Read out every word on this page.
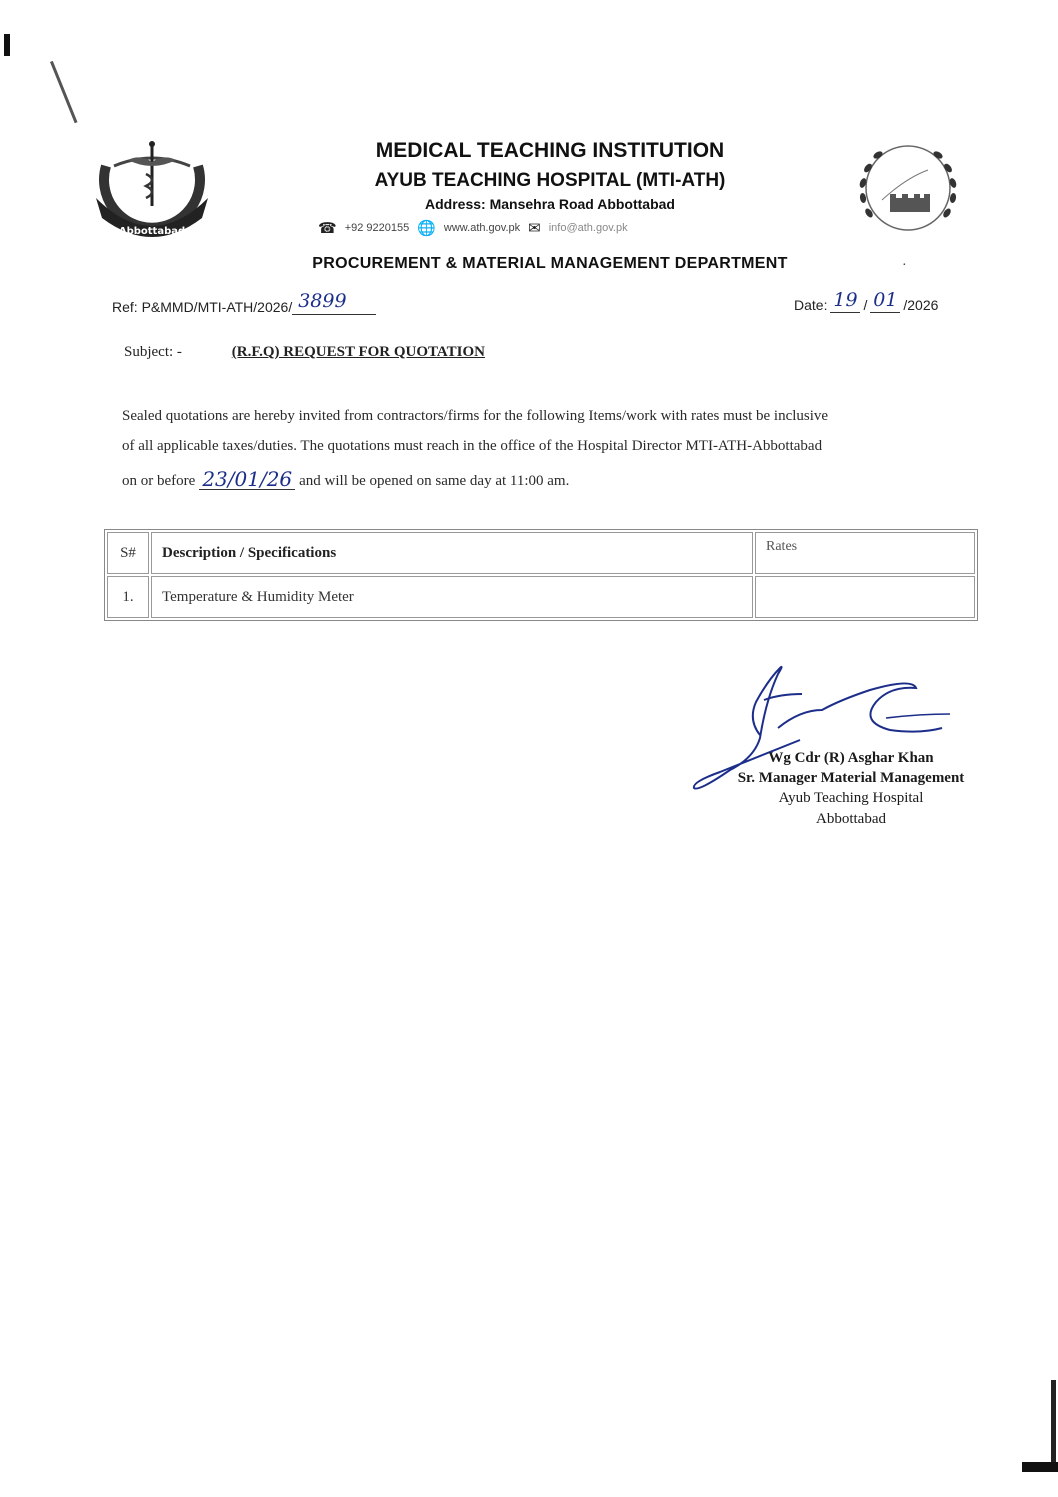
Abbottabad
MEDICAL TEACHING INSTITUTION
AYUB TEACHING HOSPITAL (MTI-ATH)
Address: Mansehra Road Abbottabad
☎ +92 9220155 🌐 www.ath.gov.pk ✉ info@ath.gov.pk
PROCUREMENT & MATERIAL MANAGEMENT DEPARTMENT	·
Ref: P&MMD/MTI-ATH/2026/ 3899	Date: 19 / 01 /2026
Subject: -	(R.F.Q) REQUEST FOR QUOTATION
Sealed quotations are hereby invited from contractors/firms for the following Items/work with rates must be inclusive
of all applicable taxes/duties. The quotations must reach in the office of the Hospital Director MTI-ATH-Abbottabad
on or before 23/01/26 and will be opened on same day at 11:00 am.
S#	Description / Specifications	Rates
1.	Temperature & Humidity Meter	
Wg Cdr (R) Asghar Khan
Sr. Manager Material Management
Ayub Teaching Hospital
Abbottabad
